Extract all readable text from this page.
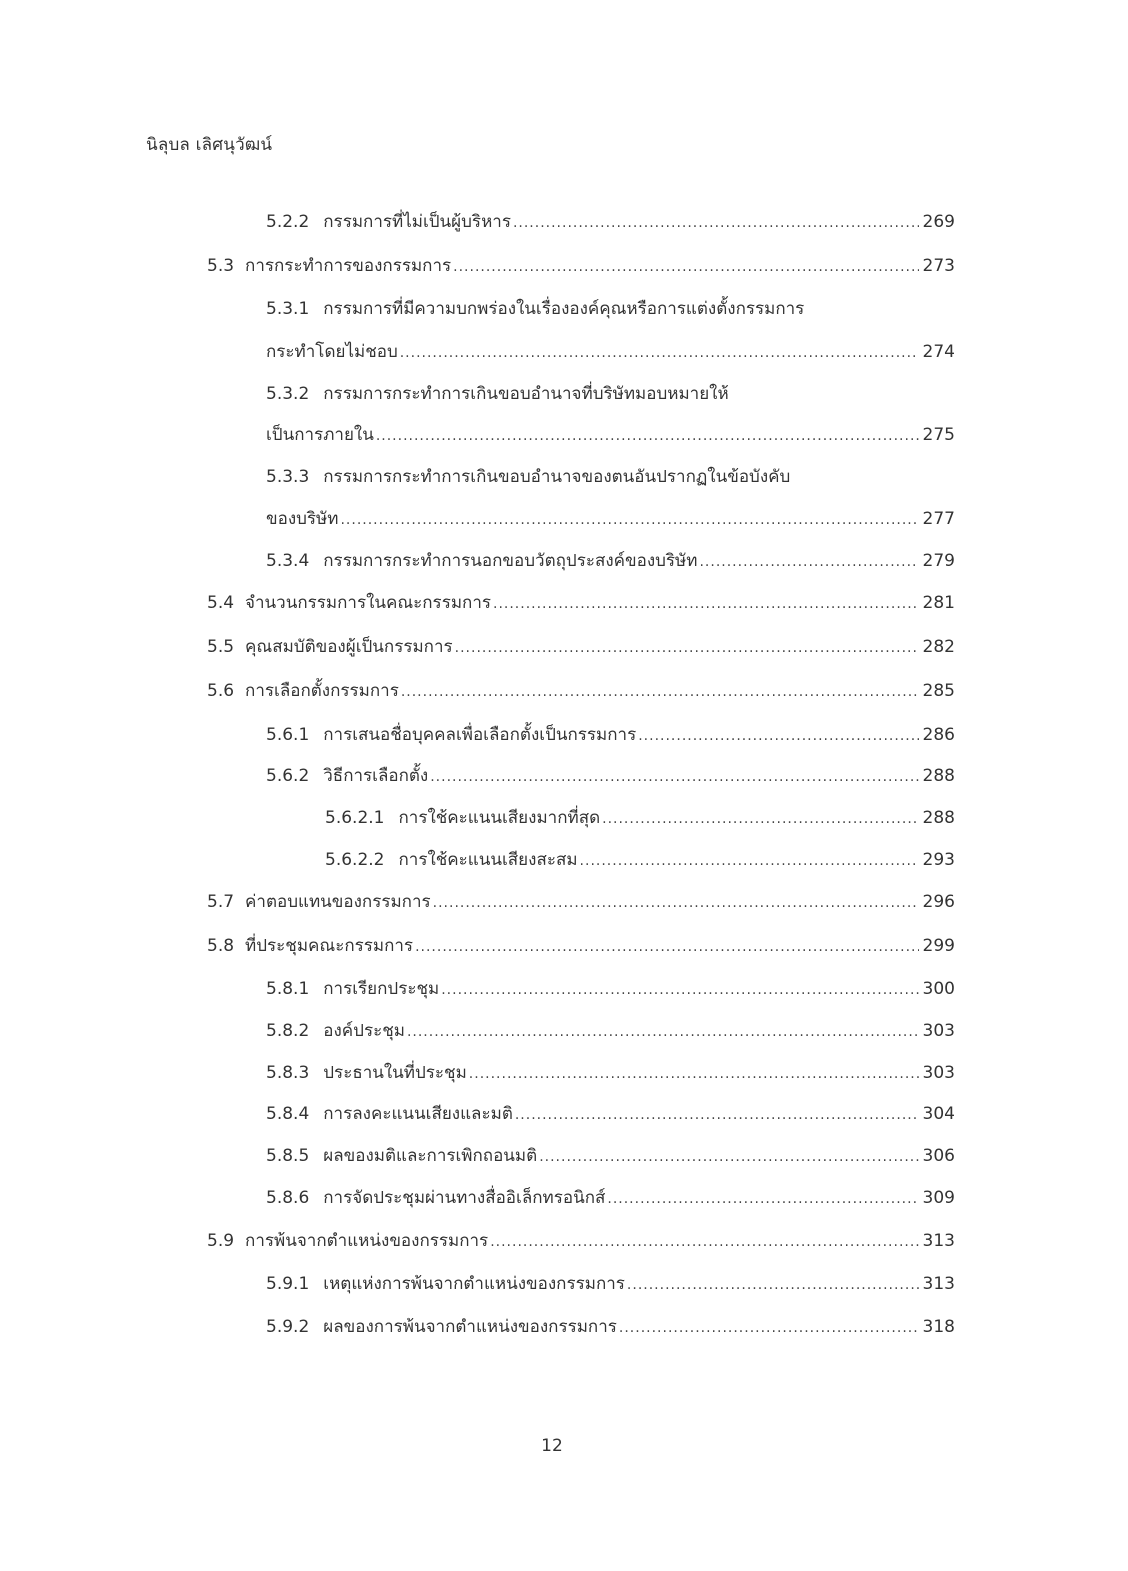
นิลุบล เลิศนุวัฒน์
5.2.2 กรรมการที่ไม่เป็นผู้บริหาร .....	269
5.3 การกระทำการของกรรมการ .....	273
5.3.1 กรรมการที่มีความบกพร่องในเรื่ององค์คุณหรือการแต่งตั้งกรรมการ
กระทำโดยไม่ชอบ .....	274
5.3.2 กรรมการกระทำการเกินขอบอำนาจที่บริษัทมอบหมายให้
เป็นการภายใน .....	275
5.3.3 กรรมการกระทำการเกินขอบอำนาจของตนอันปรากฏในข้อบังคับ
ของบริษัท .....	277
5.3.4 กรรมการกระทำการนอกขอบวัตถุประสงค์ของบริษัท .....	279
5.4 จำนวนกรรมการในคณะกรรมการ .....	281
5.5 คุณสมบัติของผู้เป็นกรรมการ .....	282
5.6 การเลือกตั้งกรรมการ .....	285
5.6.1 การเสนอชื่อบุคคลเพื่อเลือกตั้งเป็นกรรมการ .....	286
5.6.2 วิธีการเลือกตั้ง .....	288
5.6.2.1 การใช้คะแนนเสียงมากที่สุด .....	288
5.6.2.2 การใช้คะแนนเสียงสะสม .....	293
5.7 ค่าตอบแทนของกรรมการ .....	296
5.8 ที่ประชุมคณะกรรมการ .....	299
5.8.1 การเรียกประชุม .....	300
5.8.2 องค์ประชุม .....	303
5.8.3 ประธานในที่ประชุม .....	303
5.8.4 การลงคะแนนเสียงและมติ .....	304
5.8.5 ผลของมติและการเพิกถอนมติ .....	306
5.8.6 การจัดประชุมผ่านทางสื่ออิเล็กทรอนิกส์ .....	309
5.9 การพ้นจากตำแหน่งของกรรมการ .....	313
5.9.1 เหตุแห่งการพ้นจากตำแหน่งของกรรมการ .....	313
5.9.2 ผลของการพ้นจากตำแหน่งของกรรมการ .....	318
12
